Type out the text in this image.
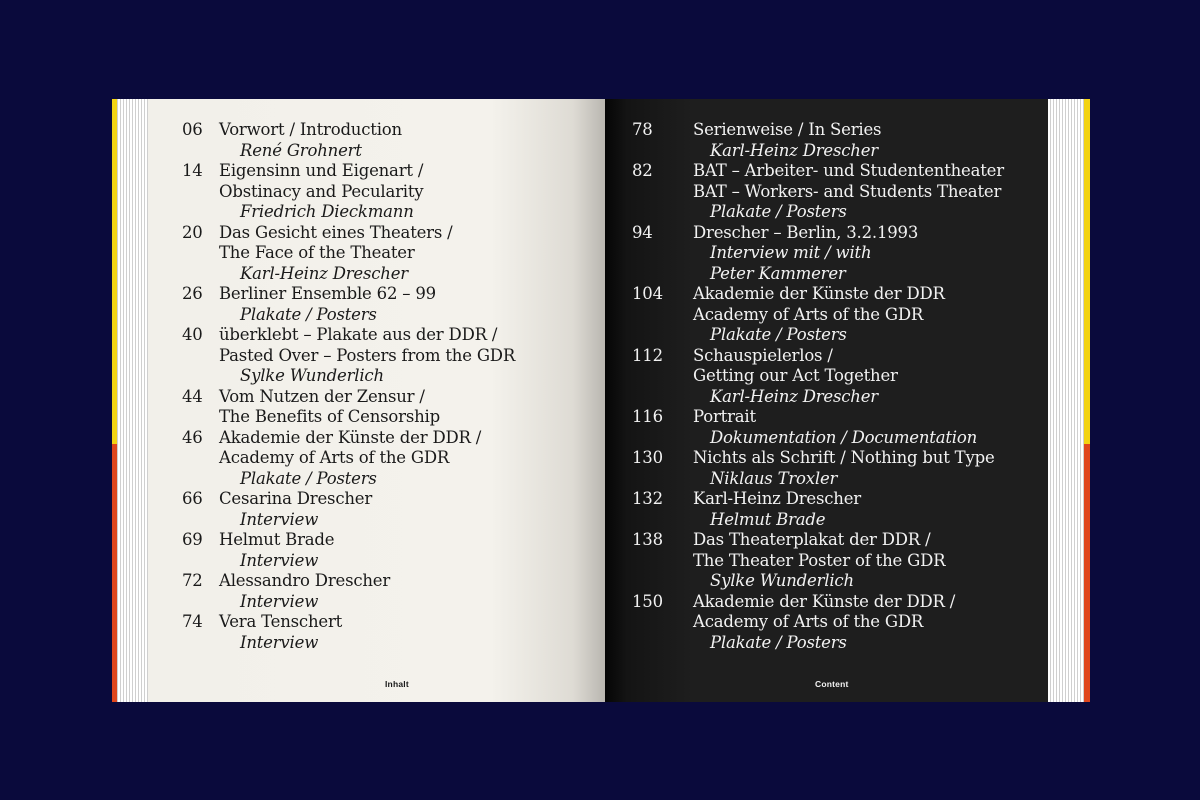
06 Vorwort / Introduction
René Grohnert
14 Eigensinn und Eigenart /
Obstinacy and Pecularity
Friedrich Dieckmann
20 Das Gesicht eines Theaters /
The Face of the Theater
Karl-Heinz Drescher
26 Berliner Ensemble 62 – 99
Plakate / Posters
40 überklebt – Plakate aus der DDR /
Pasted Over – Posters from the GDR
Sylke Wunderlich
44 Vom Nutzen der Zensur /
The Benefits of Censorship
46 Akademie der Künste der DDR /
Academy of Arts of the GDR
Plakate / Posters
66 Cesarina Drescher
Interview
69 Helmut Brade
Interview
72 Alessandro Drescher
Interview
74 Vera Tenschert
Interview
Inhalt
78 Serienweise / In Series
Karl-Heinz Drescher
82 BAT – Arbeiter- und Studententheater
BAT – Workers- and Students Theater
Plakate / Posters
94 Drescher – Berlin, 3.2.1993
Interview mit / with
Peter Kammerer
104 Akademie der Künste der DDR
Academy of Arts of the GDR
Plakate / Posters
112 Schauspielerlos /
Getting our Act Together
Karl-Heinz Drescher
116 Portrait
Dokumentation / Documentation
130 Nichts als Schrift / Nothing but Type
Niklaus Troxler
132 Karl-Heinz Drescher
Helmut Brade
138 Das Theaterplakat der DDR /
The Theater Poster of the GDR
Sylke Wunderlich
150 Akademie der Künste der DDR /
Academy of Arts of the GDR
Plakate / Posters
Content
